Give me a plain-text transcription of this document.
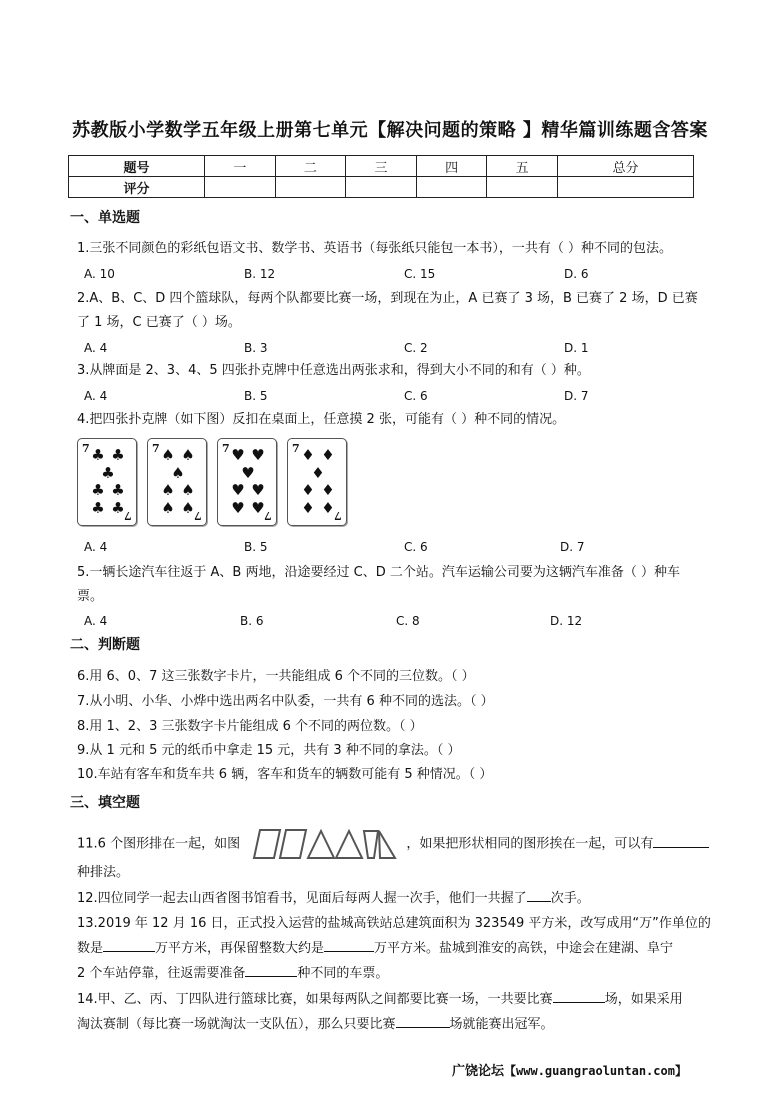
苏教版小学数学五年级上册第七单元【解决问题的策略 】精华篇训练题含答案
题号	一	二	三	四	五	总分
评分						
一、单选题
1.三张不同颜色的彩纸包语文书、数学书、英语书（每张纸只能包一本书），一共有（ ）种不同的包法。
A. 10	B. 12	C. 15	D. 6
2.A、B、C、D 四个篮球队，每两个队都要比赛一场，到现在为止，A 已赛了 3 场，B 已赛了 2 场，D 已赛
了 1 场，C 已赛了（ ）场。
A. 4	B. 3	C. 2	D. 1
3.从牌面是 2、3、4、5 四张扑克牌中任意选出两张求和，得到大小不同的和有（ ）种。
A. 4	B. 5	C. 6	D. 7
4.把四张扑克牌（如下图）反扣在桌面上，任意摸 2 张，可能有（ ）种不同的情况。
7 ♣ ♣
♣
♣ ♣
♣ ♣ 7
7 ♠ ♠
♠
♠ ♠
♠ ♠ 7
7 ♥ ♥
♥
♥ ♥
♥ ♥ 7
7 ♦ ♦
♦
♦ ♦
♦ ♦ 7
A. 4	B. 5	C. 6	D. 7
5.一辆长途汽车往返于 A、B 两地，沿途要经过 C、D 二个站。汽车运输公司要为这辆汽车准备（ ）种车
票。
A. 4	B. 6	C. 8	D. 12
二、判断题
6.用 6、0、7 这三张数字卡片，一共能组成 6 个不同的三位数。（ ）
7.从小明、小华、小烨中选出两名中队委，一共有 6 种不同的选法。（ ）
8.用 1、2、3 三张数字卡片能组成 6 个不同的两位数。（ ）
9.从 1 元和 5 元的纸币中拿走 15 元，共有 3 种不同的拿法。（ ）
10.车站有客车和货车共 6 辆，客车和货车的辆数可能有 5 种情况。（ ）
三、填空题
11.6 个图形排在一起，如图	，如果把形状相同的图形挨在一起，可以有
种排法。
12.四位同学一起去山西省图书馆看书，见面后每两人握一次手，他们一共握了 次手。
13.2019 年 12 月 16 日，正式投入运营的盐城高铁站总建筑面积为 323549 平方米，改写成用“万”作单位的
数是	万平方米，再保留整数大约是	万平方米。盐城到淮安的高铁，中途会在建湖、阜宁
2 个车站停靠，往返需要准备	种不同的车票。
14.甲、乙、丙、丁四队进行篮球比赛，如果每两队之间都要比赛一场，一共要比赛	场，如果采用
淘汰赛制（每比赛一场就淘汰一支队伍），那么只要比赛	场就能赛出冠军。
广饶论坛【www.guangraoluntan.com】
